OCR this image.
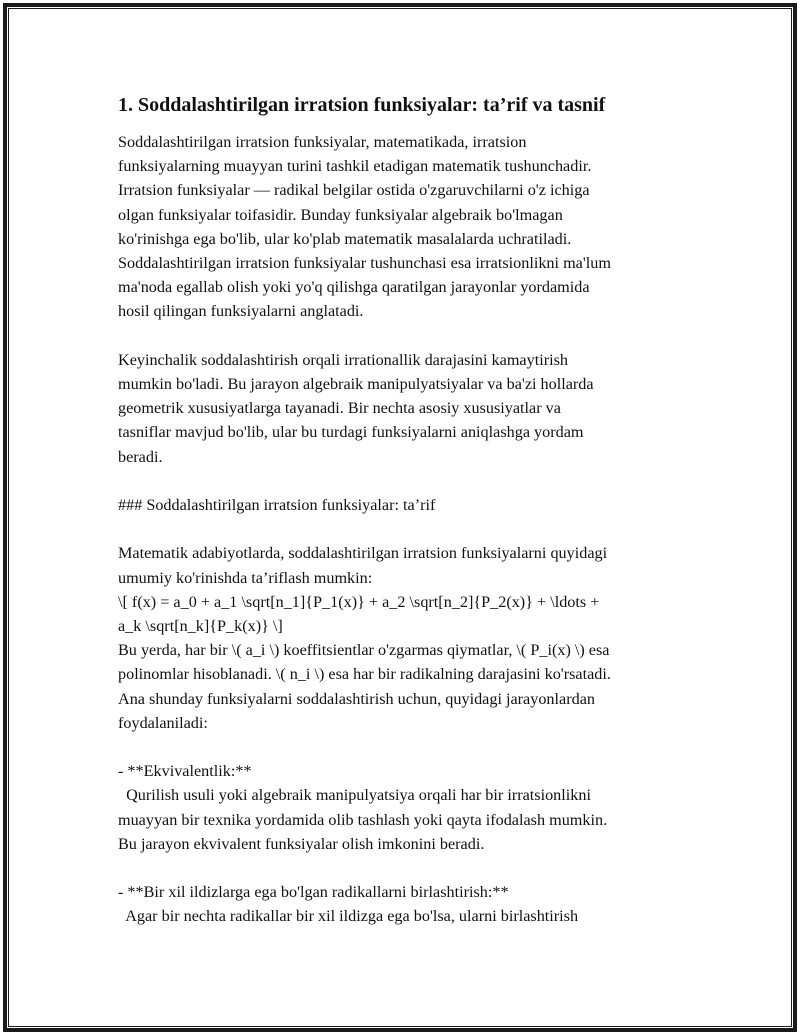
1. Soddalashtirilgan irratsion funksiyalar: ta’rif va tasnif
Soddalashtirilgan irratsion funksiyalar, matematikada, irratsion
funksiyalarning muayyan turini tashkil etadigan matematik tushunchadir.
Irratsion funksiyalar — radikal belgilar ostida o'zgaruvchilarni o'z ichiga
olgan funksiyalar toifasidir. Bunday funksiyalar algebraik bo'lmagan
ko'rinishga ega bo'lib, ular ko'plab matematik masalalarda uchratiladi.
Soddalashtirilgan irratsion funksiyalar tushunchasi esa irratsionlikni ma'lum
ma'noda egallab olish yoki yo'q qilishga qaratilgan jarayonlar yordamida
hosil qilingan funksiyalarni anglatadi.
Keyinchalik soddalashtirish orqali irrationallik darajasini kamaytirish
mumkin bo'ladi. Bu jarayon algebraik manipulyatsiyalar va ba'zi hollarda
geometrik xususiyatlarga tayanadi. Bir nechta asosiy xususiyatlar va
tasniflar mavjud bo'lib, ular bu turdagi funksiyalarni aniqlashga yordam
beradi.
### Soddalashtirilgan irratsion funksiyalar: ta’rif
Matematik adabiyotlarda, soddalashtirilgan irratsion funksiyalarni quyidagi
umumiy ko'rinishda ta’riflash mumkin:
\[ f(x) = a_0 + a_1 \sqrt[n_1]{P_1(x)} + a_2 \sqrt[n_2]{P_2(x)} + \ldots +
a_k \sqrt[n_k]{P_k(x)} \]
Bu yerda, har bir \( a_i \) koeffitsientlar o'zgarmas qiymatlar, \( P_i(x) \) esa
polinomlar hisoblanadi. \( n_i \) esa har bir radikalning darajasini ko'rsatadi.
Ana shunday funksiyalarni soddalashtirish uchun, quyidagi jarayonlardan
foydalaniladi:
- **Ekvivalentlik:**
Qurilish usuli yoki algebraik manipulyatsiya orqali har bir irratsionlikni
muayyan bir texnika yordamida olib tashlash yoki qayta ifodalash mumkin.
Bu jarayon ekvivalent funksiyalar olish imkonini beradi.
- **Bir xil ildizlarga ega bo'lgan radikallarni birlashtirish:**
Agar bir nechta radikallar bir xil ildizga ega bo'lsa, ularni birlashtirish
